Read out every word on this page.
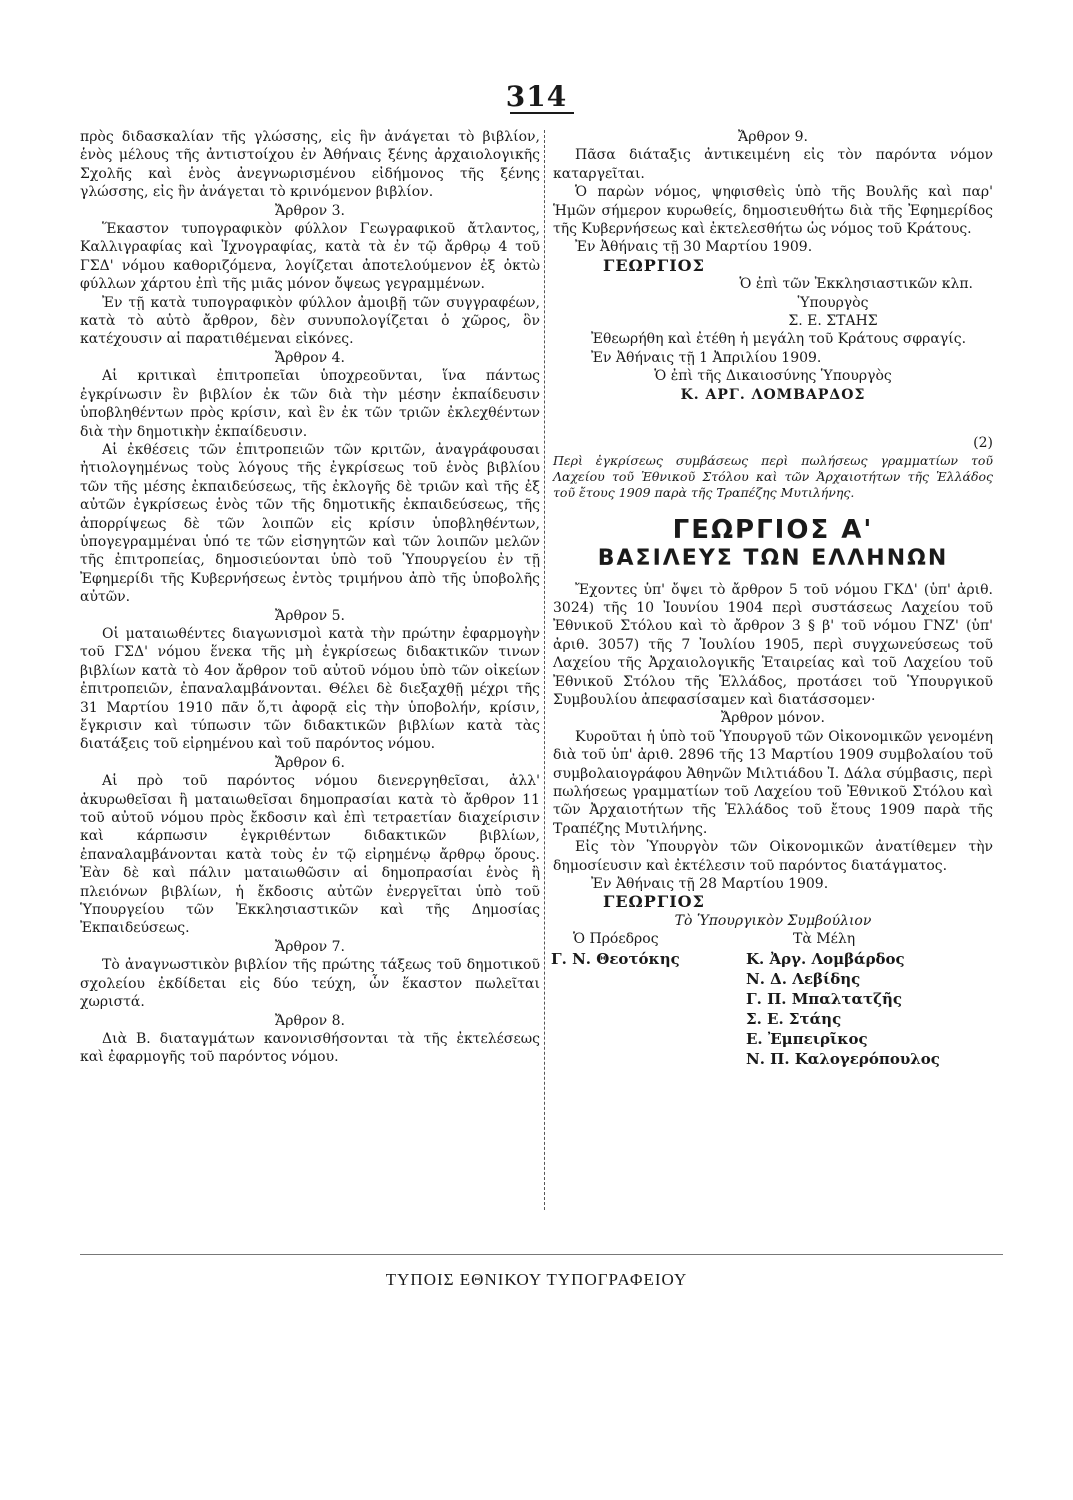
314

πρὸς διδασκαλίαν τῆς γλώσσης, εἰς ἣν ἀνάγεται τὸ βιβλίον, ἑνὸς μέλους τῆς ἀντιστοίχου ἐν Ἀθήναις ξένης ἀρχαιολογικῆς Σχολῆς καὶ ἑνὸς ἀνεγνωρισμένου εἰδήμονος τῆς ξένης γλώσσης, εἰς ἣν ἀνάγεται τὸ κρινόμενον βιβλίον.

Ἄρθρον 3.

Ἕκαστον τυπογραφικὸν φύλλον Γεωγραφικοῦ ἄτλαντος, Καλλιγραφίας καὶ Ἰχνογραφίας, κατὰ τὰ ἐν τῷ ἄρθρῳ 4 τοῦ ΓΣΔ' νόμου καθοριζόμενα, λογίζεται ἀποτελούμενον ἐξ ὀκτὼ φύλλων χάρτου ἐπὶ τῆς μιᾶς μόνον ὄψεως γεγραμμένων.

Ἐν τῇ κατὰ τυπογραφικὸν φύλλον ἀμοιβῇ τῶν συγγραφέων, κατὰ τὸ αὐτὸ ἄρθρον, δὲν συνυπολογίζεται ὁ χῶρος, ὃν κατέχουσιν αἱ παρατιθέμεναι εἰκόνες.

Ἄρθρον 4.

Αἱ κριτικαὶ ἐπιτροπεῖαι ὑποχρεοῦνται, ἵνα πάντως ἐγκρίνωσιν ἓν βιβλίον ἐκ τῶν διὰ τὴν μέσην ἐκπαίδευσιν ὑποβληθέντων πρὸς κρίσιν, καὶ ἓν ἐκ τῶν τριῶν ἐκλεχθέντων διὰ τὴν δημοτικὴν ἐκπαίδευσιν.

Αἱ ἐκθέσεις τῶν ἐπιτροπειῶν τῶν κριτῶν, ἀναγράφουσαι ἠτιολογημένως τοὺς λόγους τῆς ἐγκρίσεως τοῦ ἑνὸς βιβλίου τῶν τῆς μέσης ἐκπαιδεύσεως, τῆς ἐκλογῆς δὲ τριῶν καὶ τῆς ἐξ αὐτῶν ἐγκρίσεως ἑνὸς τῶν τῆς δημοτικῆς ἐκπαιδεύσεως, τῆς ἀπορρίψεως δὲ τῶν λοιπῶν εἰς κρίσιν ὑποβληθέντων, ὑπογεγραμμέναι ὑπό τε τῶν εἰσηγητῶν καὶ τῶν λοιπῶν μελῶν τῆς ἐπιτροπείας, δημοσιεύονται ὑπὸ τοῦ Ὑπουργείου ἐν τῇ Ἐφημερίδι τῆς Κυβερνήσεως ἐντὸς τριμήνου ἀπὸ τῆς ὑποβολῆς αὐτῶν.

Ἄρθρον 5.

Οἱ ματαιωθέντες διαγωνισμοὶ κατὰ τὴν πρώτην ἐφαρμογὴν τοῦ ΓΣΔ' νόμου ἕνεκα τῆς μὴ ἐγκρίσεως διδακτικῶν τινων βιβλίων κατὰ τὸ 4ον ἄρθρον τοῦ αὐτοῦ νόμου ὑπὸ τῶν οἰκείων ἐπιτροπειῶν, ἐπαναλαμβάνονται. Θέλει δὲ διεξαχθῇ μέχρι τῆς 31 Μαρτίου 1910 πᾶν ὅ,τι ἀφορᾷ εἰς τὴν ὑποβολήν, κρίσιν, ἔγκρισιν καὶ τύπωσιν τῶν διδακτικῶν βιβλίων κατὰ τὰς διατάξεις τοῦ εἰρημένου καὶ τοῦ παρόντος νόμου.

Ἄρθρον 6.

Αἱ πρὸ τοῦ παρόντος νόμου διενεργηθεῖσαι, ἀλλ' ἀκυρωθεῖσαι ἢ ματαιωθεῖσαι δημοπρασίαι κατὰ τὸ ἄρθρον 11 τοῦ αὐτοῦ νόμου πρὸς ἔκδοσιν καὶ ἐπὶ τετραετίαν διαχείρισιν καὶ κάρπωσιν ἐγκριθέντων διδακτικῶν βιβλίων, ἐπαναλαμβάνονται κατὰ τοὺς ἐν τῷ εἰρημένῳ ἄρθρῳ ὅρους. Ἐὰν δὲ καὶ πάλιν ματαιωθῶσιν αἱ δημοπρασίαι ἑνὸς ἢ πλειόνων βιβλίων, ἡ ἔκδοσις αὐτῶν ἐνεργεῖται ὑπὸ τοῦ Ὑπουργείου τῶν Ἐκκλησιαστικῶν καὶ τῆς Δημοσίας Ἐκπαιδεύσεως.

Ἄρθρον 7.

Τὸ ἀναγνωστικὸν βιβλίον τῆς πρώτης τάξεως τοῦ δημοτικοῦ σχολείου ἐκδίδεται εἰς δύο τεύχη, ὧν ἕκαστον πωλεῖται χωριστά.

Ἄρθρον 8.

Διὰ Β. διαταγμάτων κανονισθήσονται τὰ τῆς ἐκτελέσεως καὶ ἐφαρμογῆς τοῦ παρόντος νόμου.

Ἄρθρον 9.

Πᾶσα διάταξις ἀντικειμένη εἰς τὸν παρόντα νόμον καταργεῖται.

Ὁ παρὼν νόμος, ψηφισθεὶς ὑπὸ τῆς Βουλῆς καὶ παρ' Ἡμῶν σήμερον κυρωθείς, δημοσιευθήτω διὰ τῆς Ἐφημερίδος τῆς Κυβερνήσεως καὶ ἐκτελεσθήτω ὡς νόμος τοῦ Κράτους.

Ἐν Ἀθήναις τῇ 30 Μαρτίου 1909.

ΓΕΩΡΓΙΟΣ

Ὁ ἐπὶ τῶν Ἐκκλησιαστικῶν κλπ.

Ὑπουργὸς

Σ. Ε. ΣΤΑΗΣ

Ἐθεωρήθη καὶ ἐτέθη ἡ μεγάλη τοῦ Κράτους σφραγίς.

Ἐν Ἀθήναις τῇ 1 Ἀπριλίου 1909.

Ὁ ἐπὶ τῆς Δικαιοσύνης Ὑπουργὸς

Κ. ΑΡΓ. ΛΟΜΒΑΡΔΟΣ

(2)

Περὶ ἐγκρίσεως συμβάσεως περὶ πωλήσεως γραμματίων τοῦ Λαχείου τοῦ Ἐθνικοῦ Στόλου καὶ τῶν Ἀρχαιοτήτων τῆς Ἑλλάδος τοῦ ἔτους 1909 παρὰ τῆς Τραπέζης Μυτιλήνης.

ΓΕΩΡΓΙΟΣ Α'

ΒΑΣΙΛΕΥΣ ΤΩΝ ΕΛΛΗΝΩΝ

Ἔχοντες ὑπ' ὄψει τὸ ἄρθρον 5 τοῦ νόμου ΓΚΔ' (ὑπ' ἀριθ. 3024) τῆς 10 Ἰουνίου 1904 περὶ συστάσεως Λαχείου τοῦ Ἐθνικοῦ Στόλου καὶ τὸ ἄρθρον 3 § β' τοῦ νόμου ΓΝΖ' (ὑπ' ἀριθ. 3057) τῆς 7 Ἰουλίου 1905, περὶ συγχωνεύσεως τοῦ Λαχείου τῆς Ἀρχαιολογικῆς Ἑταιρείας καὶ τοῦ Λαχείου τοῦ Ἐθνικοῦ Στόλου τῆς Ἑλλάδος, προτάσει τοῦ Ὑπουργικοῦ Συμβουλίου ἀπεφασίσαμεν καὶ διατάσσομεν·

Ἄρθρον μόνον.

Κυροῦται ἡ ὑπὸ τοῦ Ὑπουργοῦ τῶν Οἰκονομικῶν γενομένη διὰ τοῦ ὑπ' ἀριθ. 2896 τῆς 13 Μαρτίου 1909 συμβολαίου τοῦ συμβολαιογράφου Ἀθηνῶν Μιλτιάδου Ἰ. Δάλα σύμβασις, περὶ πωλήσεως γραμματίων τοῦ Λαχείου τοῦ Ἐθνικοῦ Στόλου καὶ τῶν Ἀρχαιοτήτων τῆς Ἑλλάδος τοῦ ἔτους 1909 παρὰ τῆς Τραπέζης Μυτιλήνης.

Εἰς τὸν Ὑπουργὸν τῶν Οἰκονομικῶν ἀνατίθεμεν τὴν δημοσίευσιν καὶ ἐκτέλεσιν τοῦ παρόντος διατάγματος.

Ἐν Ἀθήναις τῇ 28 Μαρτίου 1909.

ΓΕΩΡΓΙΟΣ

Τὸ Ὑπουργικὸν Συμβούλιον

Ὁ Πρόεδρος	Τὰ Μέλη
Γ. Ν. Θεοτόκης	Κ. Ἀργ. Λομβάρδος
Ν. Δ. Λεβίδης
Γ. Π. Μπαλτατζῆς
Σ. Ε. Στάης
Ε. Ἐμπειρῖκος
Ν. Π. Καλογερόπουλος
ΤΥΠΟΙΣ ΕΘΝΙΚΟΥ ΤΥΠΟΓΡΑΦΕΙΟΥ
